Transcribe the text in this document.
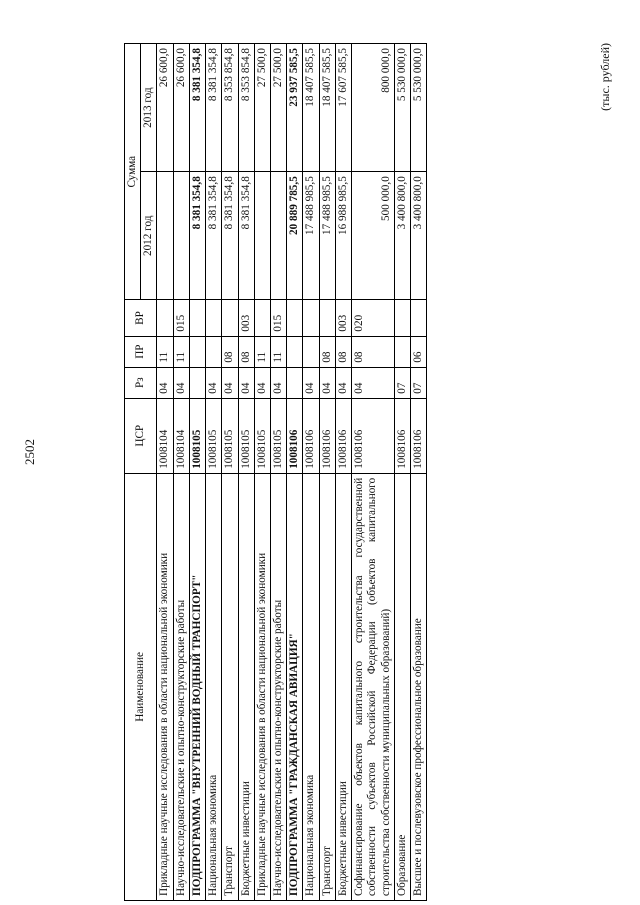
2502
Наименование	ЦСР	Рз	ПР	ВР	Сумма	
					2012 год	2013 год
Прикладные научные исследования в области национальной экономики	1008104	04	11			26 600,0
Научно-исследовательские и опытно-конструкторские работы	1008104	04	11	015		26 600,0
ПОДПРОГРАММА "ВНУТРЕННИЙ ВОДНЫЙ ТРАНСПОРТ"	1008105				8 381 354,8	8 381 354,8
Национальная экономика	1008105	04			8 381 354,8	8 381 354,8
Транспорт	1008105	04	08		8 381 354,8	8 353 854,8
Бюджетные инвестиции	1008105	04	08	003	8 381 354,8	8 353 854,8
Прикладные научные исследования в области национальной экономики	1008105	04	11			27 500,0
Научно-исследовательские и опытно-конструкторские работы	1008105	04	11	015		27 500,0
ПОДПРОГРАММА "ГРАЖДАНСКАЯ АВИАЦИЯ"	1008106				20 889 785,5	23 937 585,5
Национальная экономика	1008106	04			17 488 985,5	18 407 585,5
Транспорт	1008106	04	08		17 488 985,5	18 407 585,5
Бюджетные инвестиции	1008106	04	08	003	16 988 985,5	17 607 585,5
Софинансирование объектов капитального строительства государственной собственности субъектов Российской Федерации (объектов капитального строительства собственности муниципальных образований)	1008106	04	08	020	500 000,0	800 000,0
Образование	1008106	07			3 400 800,0	5 530 000,0
Высшее и послевузовское профессиональное образование	1008106	07	06		3 400 800,0	5 530 000,0	(тыс. рублей)
